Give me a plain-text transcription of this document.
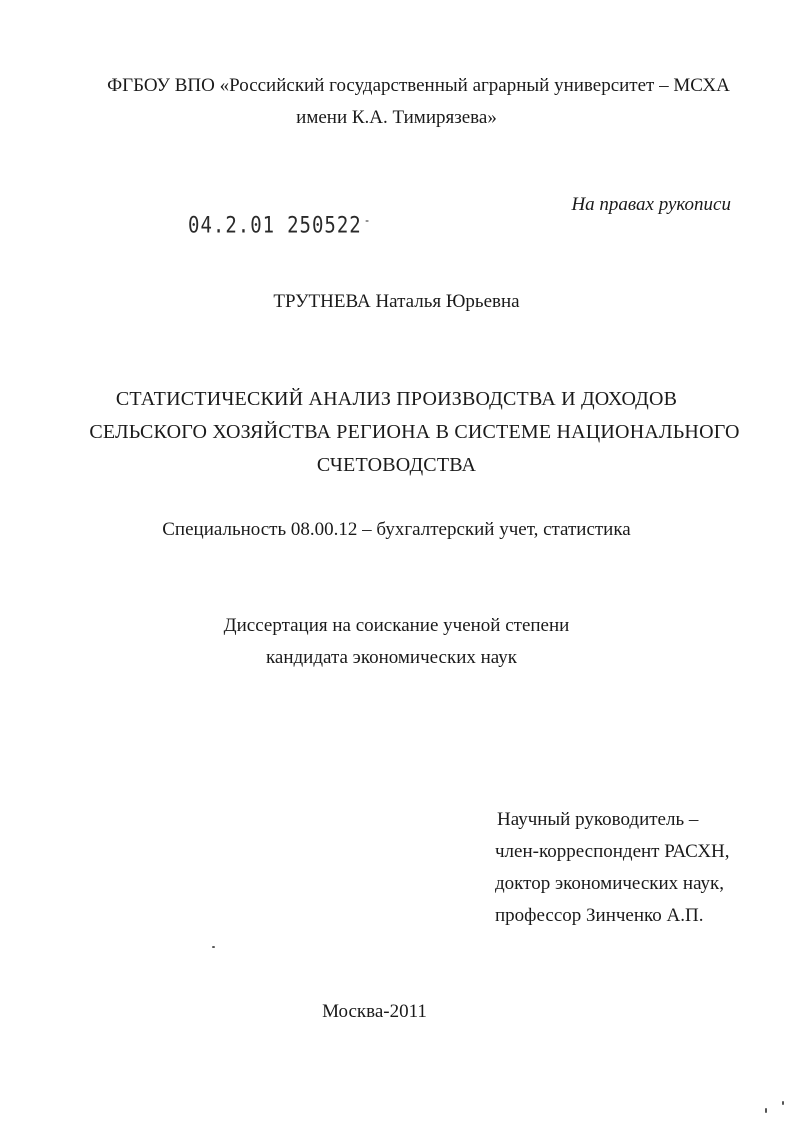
ФГБОУ ВПО «Российский государственный аграрный университет – МСХА
имени К.А. Тимирязева»
На правах рукописи
04.2.01 250522 -
ТРУТНЕВА Наталья Юрьевна
СТАТИСТИЧЕСКИЙ АНАЛИЗ ПРОИЗВОДСТВА И ДОХОДОВ
СЕЛЬСКОГО ХОЗЯЙСТВА РЕГИОНА В СИСТЕМЕ НАЦИОНАЛЬНОГО
СЧЕТОВОДСТВА
Специальность 08.00.12 – бухгалтерский учет, статистика
Диссертация на соискание ученой степени
кандидата экономических наук
Научный руководитель –
член-корреспондент РАСХН,
доктор экономических наук,
профессор Зинченко А.П.
Москва-2011
